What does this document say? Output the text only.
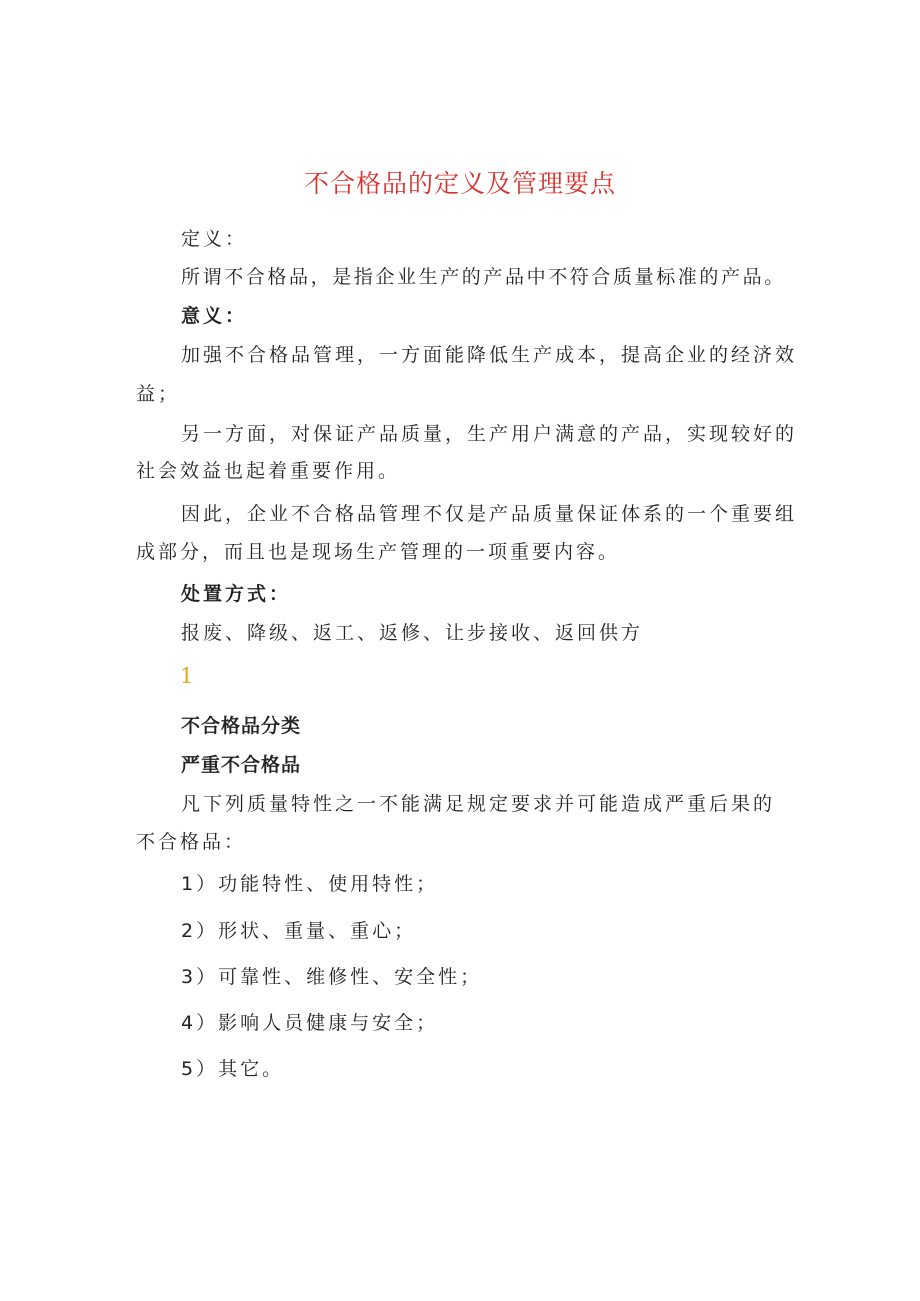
不合格品的定义及管理要点
定义：
所谓不合格品，是指企业生产的产品中不符合质量标准的产品。
意义：
加强不合格品管理，一方面能降低生产成本，提高企业的经济效
益；
另一方面，对保证产品质量，生产用户满意的产品，实现较好的
社会效益也起着重要作用。
因此，企业不合格品管理不仅是产品质量保证体系的一个重要组
成部分，而且也是现场生产管理的一项重要内容。
处置方式：
报废、降级、返工、返修、让步接收、返回供方
1
不合格品分类
严重不合格品
凡下列质量特性之一不能满足规定要求并可能造成严重后果的
不合格品：
1）功能特性、使用特性；
2）形状、重量、重心；
3）可靠性、维修性、安全性；
4）影响人员健康与安全；
5）其它。
